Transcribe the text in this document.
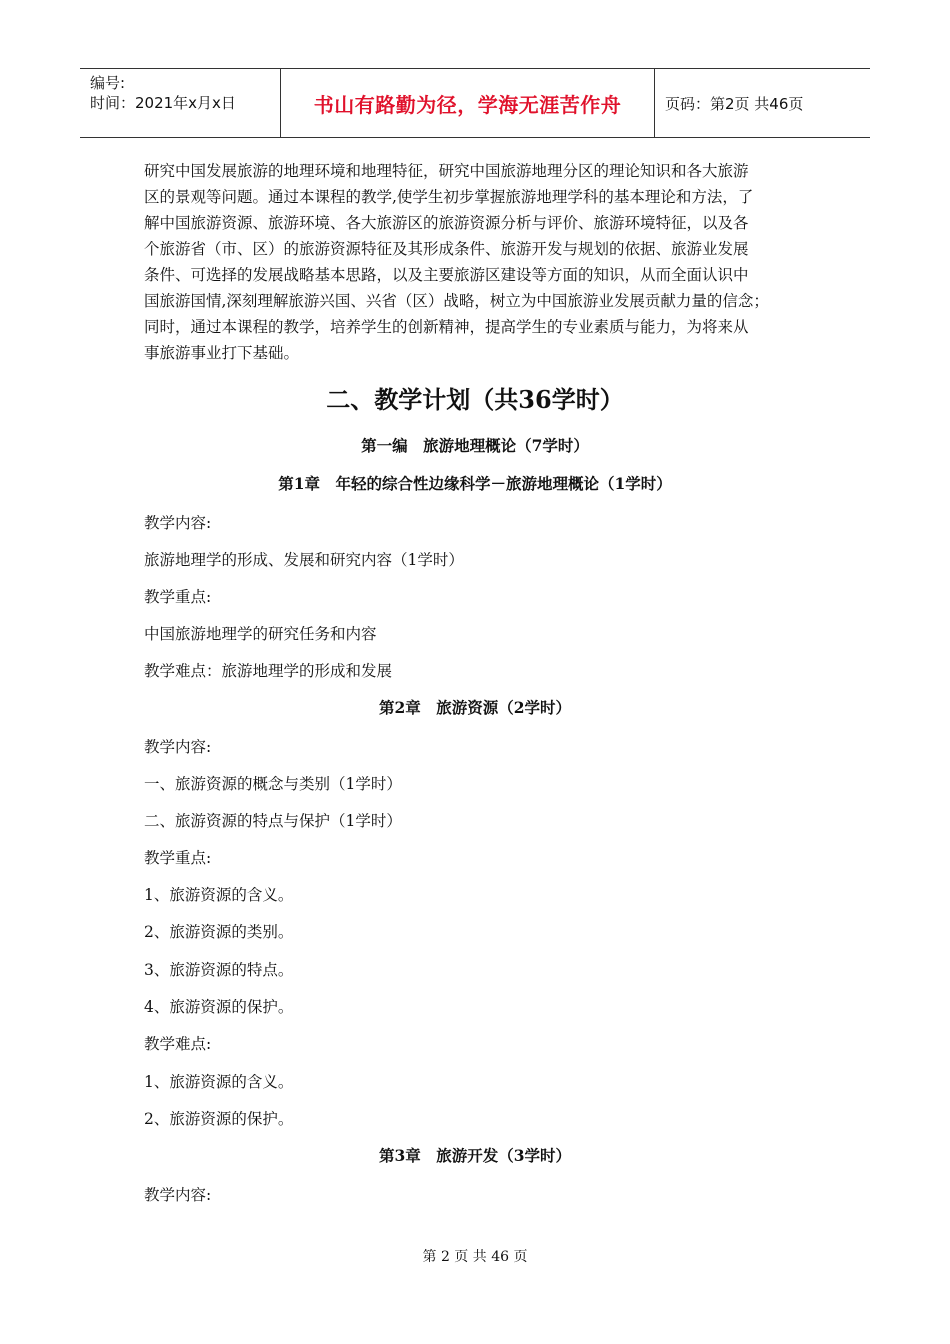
编号:
时间：2021年x月x日	书山有路勤为径，学海无涯苦作舟	页码：第2页 共46页
研究中国发展旅游的地理环境和地理特征，研究中国旅游地理分区的理论知识和各大旅游
区的景观等问题。通过本课程的教学,使学生初步掌握旅游地理学科的基本理论和方法，了
解中国旅游资源、旅游环境、各大旅游区的旅游资源分析与评价、旅游环境特征，以及各
个旅游省（市、区）的旅游资源特征及其形成条件、旅游开发与规划的依据、旅游业发展
条件、可选择的发展战略基本思路，以及主要旅游区建设等方面的知识，从而全面认识中
国旅游国情,深刻理解旅游兴国、兴省（区）战略，树立为中国旅游业发展贡献力量的信念；
同时，通过本课程的教学，培养学生的创新精神，提高学生的专业素质与能力，为将来从
事旅游事业打下基础。
二、教学计划（共36学时）
第一编　旅游地理概论（7学时）
第1章　年轻的综合性边缘科学－旅游地理概论（1学时）
教学内容:
旅游地理学的形成、发展和研究内容（1学时）
教学重点:
中国旅游地理学的研究任务和内容
教学难点：旅游地理学的形成和发展
第2章　旅游资源（2学时）
教学内容:
一、旅游资源的概念与类别（1学时）
二、旅游资源的特点与保护（1学时）
教学重点:
1、旅游资源的含义。
2、旅游资源的类别。
3、旅游资源的特点。
4、旅游资源的保护。
教学难点:
1、旅游资源的含义。
2、旅游资源的保护。
第3章　旅游开发（3学时）
教学内容:
第 2 页 共 46 页
